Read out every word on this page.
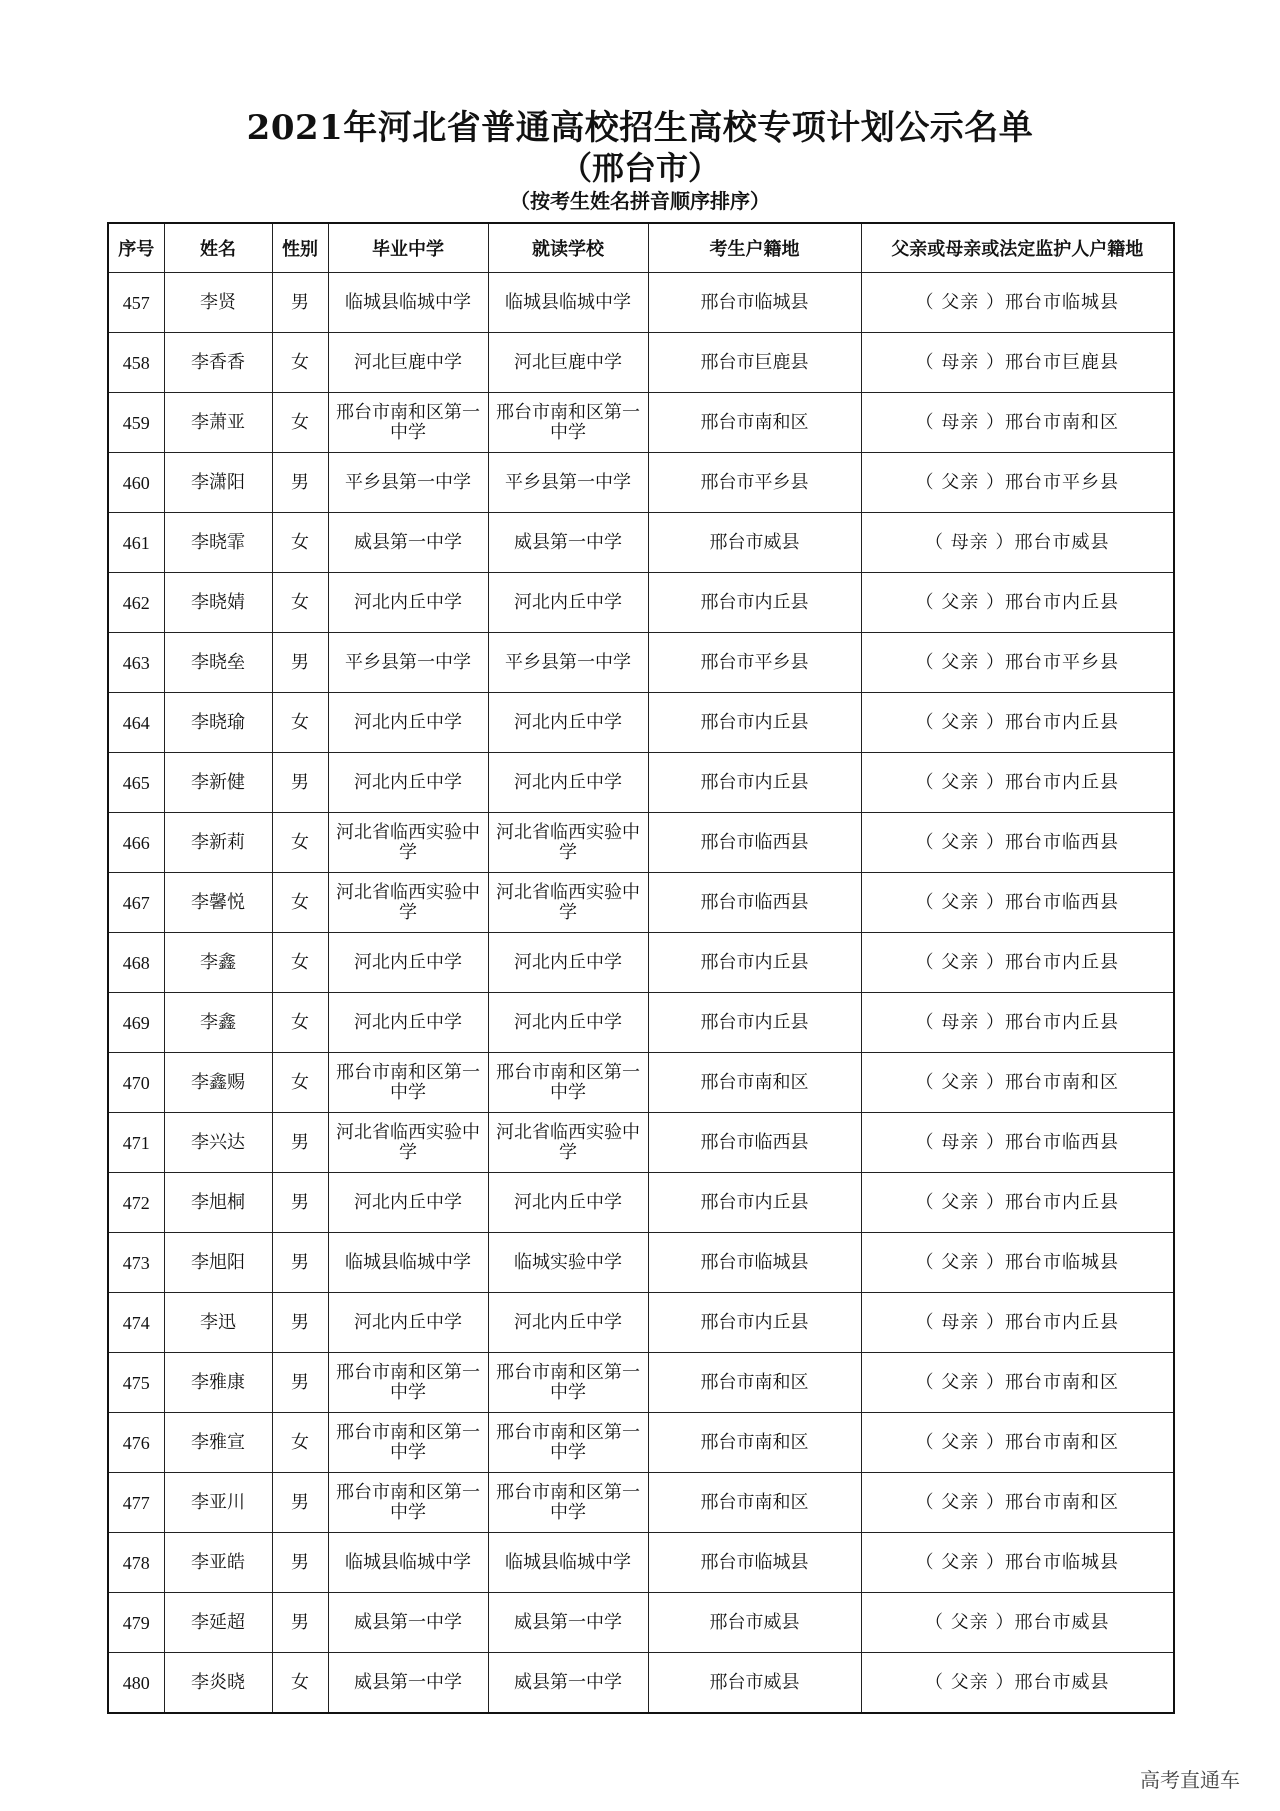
2021年河北省普通高校招生高校专项计划公示名单
（邢台市）
（按考生姓名拼音顺序排序）
序号	姓名	性别	毕业中学	就读学校	考生户籍地	父亲或母亲或法定监护人户籍地
457	李贤	男	临城县临城中学	临城县临城中学	邢台市临城县	（ 父亲 ）邢台市临城县
458	李香香	女	河北巨鹿中学	河北巨鹿中学	邢台市巨鹿县	（ 母亲 ）邢台市巨鹿县
459	李萧亚	女	邢台市南和区第一中学	邢台市南和区第一中学	邢台市南和区	（ 母亲 ）邢台市南和区
460	李潇阳	男	平乡县第一中学	平乡县第一中学	邢台市平乡县	（ 父亲 ）邢台市平乡县
461	李晓霏	女	威县第一中学	威县第一中学	邢台市威县	（ 母亲 ）邢台市威县
462	李晓婧	女	河北内丘中学	河北内丘中学	邢台市内丘县	（ 父亲 ）邢台市内丘县
463	李晓垒	男	平乡县第一中学	平乡县第一中学	邢台市平乡县	（ 父亲 ）邢台市平乡县
464	李晓瑜	女	河北内丘中学	河北内丘中学	邢台市内丘县	（ 父亲 ）邢台市内丘县
465	李新健	男	河北内丘中学	河北内丘中学	邢台市内丘县	（ 父亲 ）邢台市内丘县
466	李新莉	女	河北省临西实验中学	河北省临西实验中学	邢台市临西县	（ 父亲 ）邢台市临西县
467	李馨悦	女	河北省临西实验中学	河北省临西实验中学	邢台市临西县	（ 父亲 ）邢台市临西县
468	李鑫	女	河北内丘中学	河北内丘中学	邢台市内丘县	（ 父亲 ）邢台市内丘县
469	李鑫	女	河北内丘中学	河北内丘中学	邢台市内丘县	（ 母亲 ）邢台市内丘县
470	李鑫赐	女	邢台市南和区第一中学	邢台市南和区第一中学	邢台市南和区	（ 父亲 ）邢台市南和区
471	李兴达	男	河北省临西实验中学	河北省临西实验中学	邢台市临西县	（ 母亲 ）邢台市临西县
472	李旭桐	男	河北内丘中学	河北内丘中学	邢台市内丘县	（ 父亲 ）邢台市内丘县
473	李旭阳	男	临城县临城中学	临城实验中学	邢台市临城县	（ 父亲 ）邢台市临城县
474	李迅	男	河北内丘中学	河北内丘中学	邢台市内丘县	（ 母亲 ）邢台市内丘县
475	李雅康	男	邢台市南和区第一中学	邢台市南和区第一中学	邢台市南和区	（ 父亲 ）邢台市南和区
476	李雅宣	女	邢台市南和区第一中学	邢台市南和区第一中学	邢台市南和区	（ 父亲 ）邢台市南和区
477	李亚川	男	邢台市南和区第一中学	邢台市南和区第一中学	邢台市南和区	（ 父亲 ）邢台市南和区
478	李亚皓	男	临城县临城中学	临城县临城中学	邢台市临城县	（ 父亲 ）邢台市临城县
479	李延超	男	威县第一中学	威县第一中学	邢台市威县	（ 父亲 ）邢台市威县
480	李炎晓	女	威县第一中学	威县第一中学	邢台市威县	（ 父亲 ）邢台市威县
高考直通车
